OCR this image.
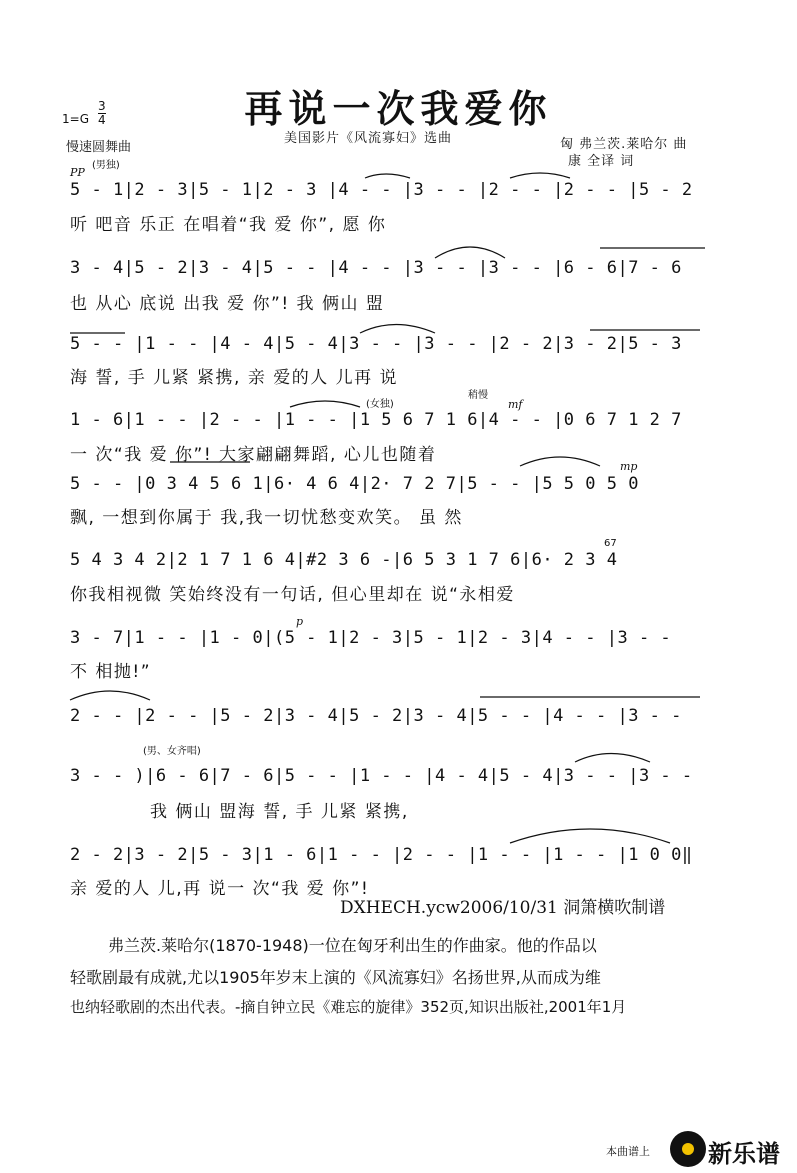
再说一次我爱你
1=G
3
4
慢速圆舞曲
美国影片《风流寡妇》选曲	匈 弗兰茨.莱哈尔 曲
康 全译 词
PP
(男独)
(女独)
稍慢
mf
mp
p
67
(男、女齐唱)
5 - 1|2 - 3|5 - 1|2 - 3 |4 - - |3 - - |2 - - |2 - - |5 - 2
听 吧音 乐正 在唱着“我 爱 你”, 愿 你
3 - 4|5 - 2|3 - 4|5 - - |4 - - |3 - - |3 - - |6 - 6|7 - 6
也 从心 底说 出我 爱 你”! 我 俩山 盟
5 - - |1 - - |4 - 4|5 - 4|3 - - |3 - - |2 - 2|3 - 2|5 - 3
海 誓, 手 儿紧 紧携, 亲 爱的人 儿再 说
1 - 6|1 - - |2 - - |1 - - |1 5 6 7 1 6|4 - - |0 6 7 1 2 7
一 次“我 爱 你”! 大家翩翩舞蹈, 心儿也随着
5 - - |0 3 4 5 6 1|6· 4 6 4|2· 7 2 7|5 - - |5 5 0 5 0
飘, 一想到你属于 我,我一切忧愁变欢笑。 虽 然
5 4 3 4 2|2 1 7 1 6 4|#2 3 6 -|6 5 3 1 7 6|6· 2 3 4
你我相视微 笑始终没有一句话, 但心里却在 说“永相爱
3 - 7|1 - - |1 - 0|(5 - 1|2 - 3|5 - 1|2 - 3|4 - - |3 - -
不 相抛!”
2 - - |2 - - |5 - 2|3 - 4|5 - 2|3 - 4|5 - - |4 - - |3 - -
3 - - )|6 - 6|7 - 6|5 - - |1 - - |4 - 4|5 - 4|3 - - |3 - -
我 俩山 盟海 誓, 手 儿紧 紧携,
2 - 2|3 - 2|5 - 3|1 - 6|1 - - |2 - - |1 - - |1 - - |1 0 0‖
亲 爱的人 儿,再 说一 次“我 爱 你”!
DXHECH.ycw2006/10/31 洞箫横吹制谱
弗兰茨.莱哈尔(1870-1948)一位在匈牙利出生的作曲家。他的作品以
轻歌剧最有成就,尤以1905年岁末上演的《风流寡妇》名扬世界,从而成为维
也纳轻歌剧的杰出代表。-摘自钟立民《难忘的旋律》352页,知识出版社,2001年1月
本曲谱上 新乐谱
